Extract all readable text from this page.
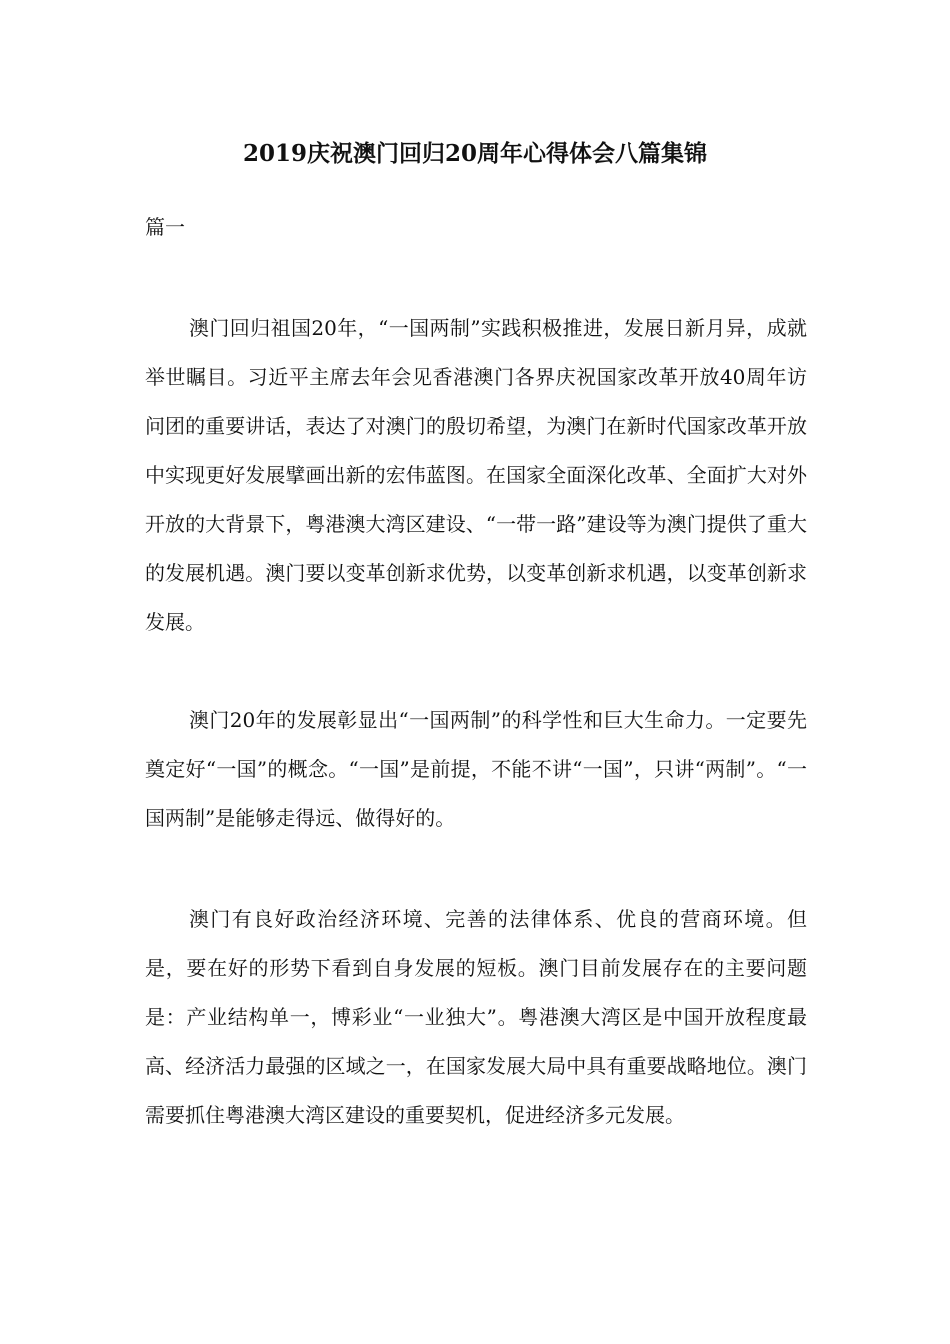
2019庆祝澳门回归20周年心得体会八篇集锦
篇一

澳门回归祖国20年，“一国两制”实践积极推进，发展日新月异，成就举世瞩目。习近平主席去年会见香港澳门各界庆祝国家改革开放40周年访问团的重要讲话，表达了对澳门的殷切希望，为澳门在新时代国家改革开放中实现更好发展擘画出新的宏伟蓝图。在国家全面深化改革、全面扩大对外开放的大背景下，粤港澳大湾区建设、“一带一路”建设等为澳门提供了重大的发展机遇。澳门要以变革创新求优势，以变革创新求机遇，以变革创新求发展。

澳门20年的发展彰显出“一国两制”的科学性和巨大生命力。一定要先奠定好“一国”的概念。“一国”是前提，不能不讲“一国”，只讲“两制”。“一国两制”是能够走得远、做得好的。

澳门有良好政治经济环境、完善的法律体系、优良的营商环境。但是，要在好的形势下看到自身发展的短板。澳门目前发展存在的主要问题是：产业结构单一，博彩业“一业独大”。粤港澳大湾区是中国开放程度最高、经济活力最强的区域之一，在国家发展大局中具有重要战略地位。澳门需要抓住粤港澳大湾区建设的重要契机，促进经济多元发展。
